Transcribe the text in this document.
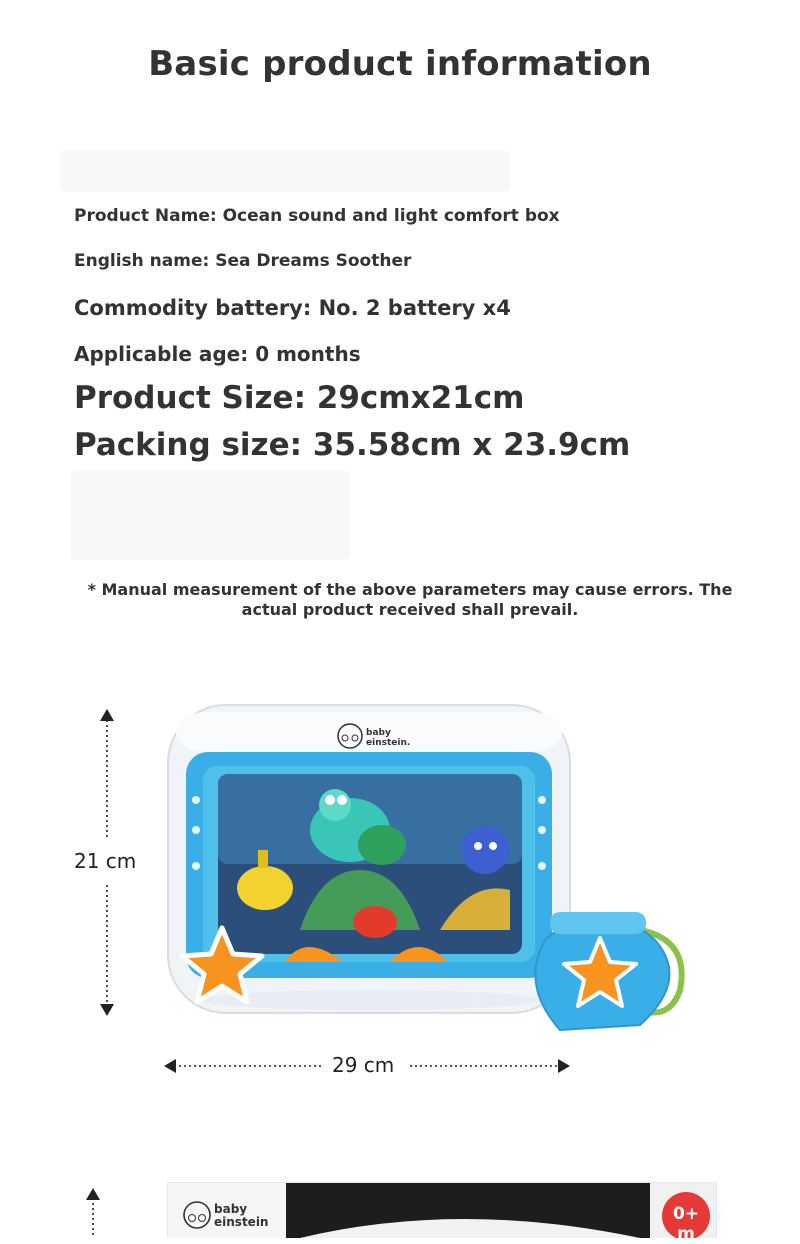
Basic product information
Product Name: Ocean sound and light comfort box
English name: Sea Dreams Soother
Commodity battery: No. 2 battery x4
Applicable age: 0 months
Product Size: 29cmx21cm
Packing size: 35.58cm x 23.9cm
* Manual measurement of the above parameters may cause errors. The actual product received shall prevail.
baby
einstein.
21 cm
29 cm
baby einstein	0+ m
